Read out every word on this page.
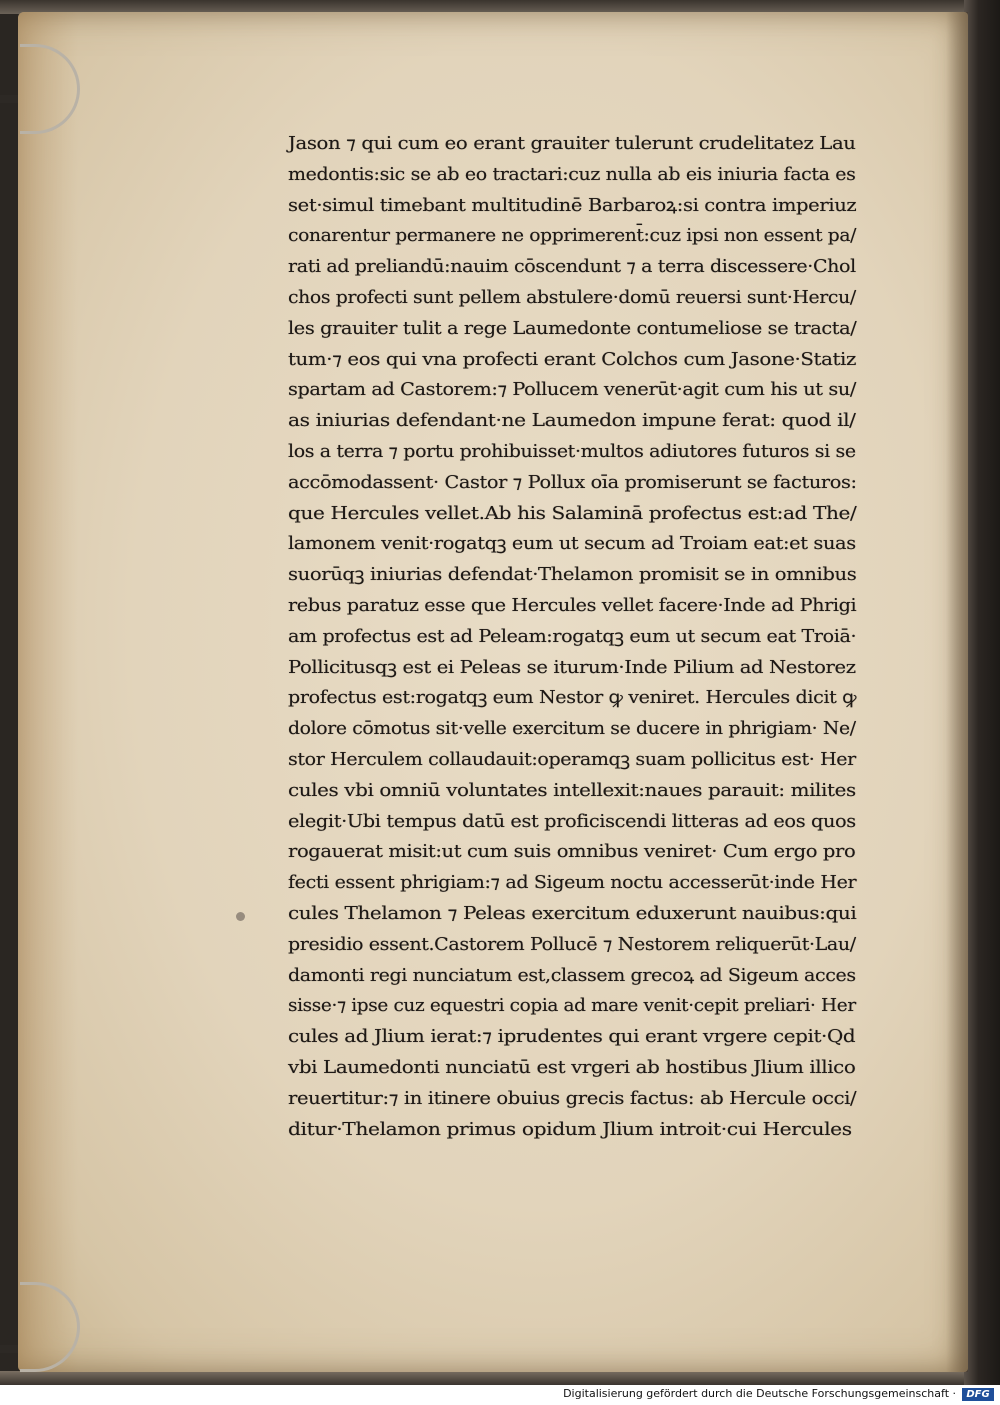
Jason ⁊ qui cum eo erant grauiter tulerunt crudelitatez Lau
medontis:sic se ab eo tractari:cuz nulla ab eis iniuria facta es
set·simul timebant multitudinē Barbaroꝝ:si contra imperiuz
conarentur permanere ne opprimerent̄:cuz ipsi non essent pa/
rati ad preliandū:nauim cōscendunt ⁊ a terra discessere·Chol
chos profecti sunt pellem abstulere·domū reuersi sunt·Hercu/
les grauiter tulit a rege Laumedonte contumeliose se tracta/
tum·⁊ eos qui vna profecti erant Colchos cum Jasone·Statiz
spartam ad Castorem:⁊ Pollucem venerūt·agit cum his ut su/
as iniurias defendant·ne Laumedon impune ferat: quod il/
los a terra ⁊ portu prohibuisset·multos adiutores futuros si se
accōmodassent· Castor ⁊ Pollux oīa promiserunt se facturos:
que Hercules vellet.Ab his Salaminā profectus est:ad The/
lamonem venit·rogatqꝫ eum ut secum ad Troiam eat:et suas
suorūqꝫ iniurias defendat·Thelamon promisit se in omnibus
rebus paratuz esse que Hercules vellet facere·Inde ad Phrigi
am profectus est ad Peleam:rogatqꝫ eum ut secum eat Troiā·
Pollicitusqꝫ est ei Peleas se iturum·Inde Pilium ad Nestorez
profectus est:rogatqꝫ eum Nestor ꝙ veniret. Hercules dicit ꝙ
dolore cōmotus sit·velle exercitum se ducere in phrigiam· Ne/
stor Herculem collaudauit:operamqꝫ suam pollicitus est· Her
cules vbi omniū voluntates intellexit:naues parauit: milites
elegit·Ubi tempus datū est proficiscendi litteras ad eos quos
rogauerat misit:ut cum suis omnibus veniret· Cum ergo pro
fecti essent phrigiam:⁊ ad Sigeum noctu accesserūt·inde Her
cules Thelamon ⁊ Peleas exercitum eduxerunt nauibus:qui
presidio essent.Castorem Pollucē ⁊ Nestorem reliquerūt·Lau/
damonti regi nunciatum est,classem grecoꝝ ad Sigeum acces
sisse·⁊ ipse cuz equestri copia ad mare venit·cepit preliari· Her
cules ad Jlium ierat:⁊ iprudentes qui erant vrgere cepit·Qd
vbi Laumedonti nunciatū est vrgeri ab hostibus Jlium illico
reuertitur:⁊ in itinere obuius grecis factus: ab Hercule occi/
ditur·Thelamon primus opidum Jlium introit·cui Hercules
Digitalisierung gefördert durch die Deutsche Forschungsgemeinschaft ·	DFG
